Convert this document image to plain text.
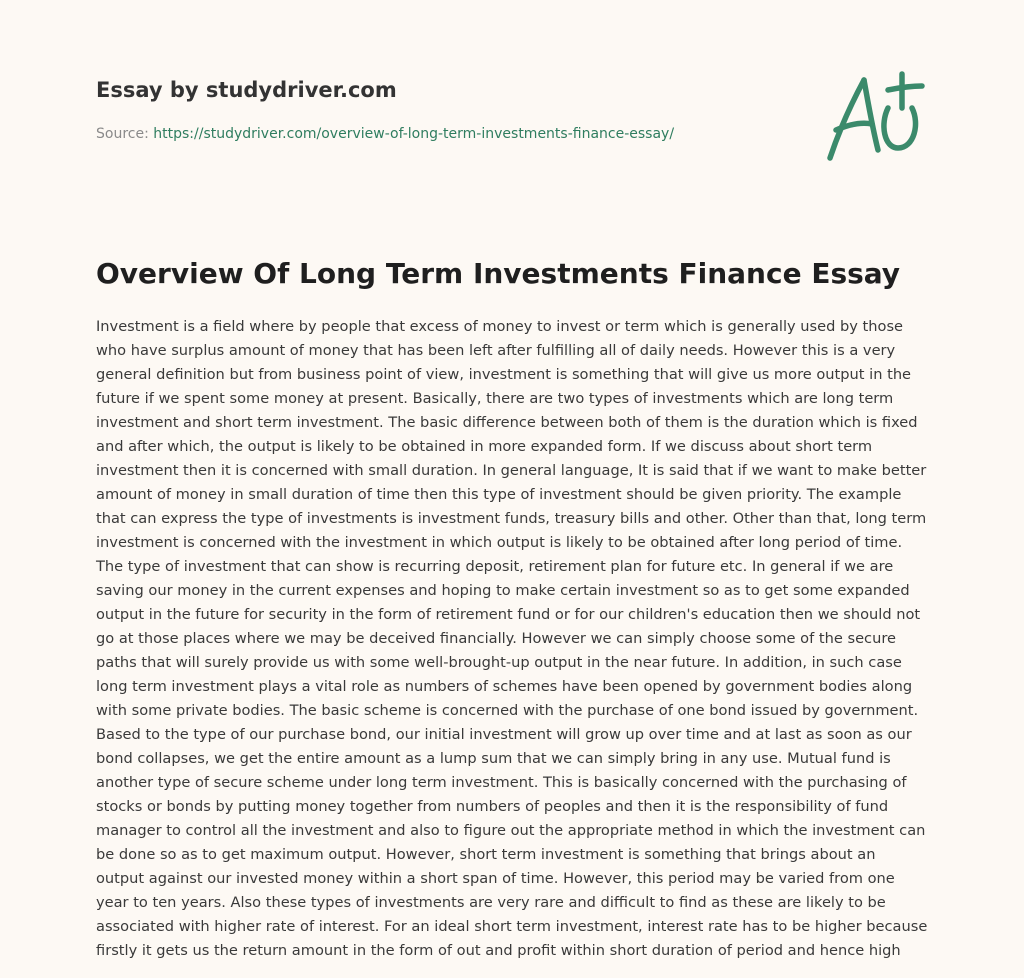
Essay by studydriver.com
Source: https://studydriver.com/overview-of-long-term-investments-finance-essay/
Overview Of Long Term Investments Finance Essay

Investment is a field where by people that excess of money to invest or term which is generally used by those who have surplus amount of money that has been left after fulfilling all of daily needs. However this is a very general definition but from business point of view, investment is something that will give us more output in the future if we spent some money at present. Basically, there are two types of investments which are long term investment and short term investment. The basic difference between both of them is the duration which is fixed and after which, the output is likely to be obtained in more expanded form. If we discuss about short term investment then it is concerned with small duration. In general language, It is said that if we want to make better amount of money in small duration of time then this type of investment should be given priority. The example that can express the type of investments is investment funds, treasury bills and other. Other than that, long term investment is concerned with the investment in which output is likely to be obtained after long period of time. The type of investment that can show is recurring deposit, retirement plan for future etc. In general if we are saving our money in the current expenses and hoping to make certain investment so as to get some expanded output in the future for security in the form of retirement fund or for our children's education then we should not go at those places where we may be deceived financially. However we can simply choose some of the secure paths that will surely provide us with some well-brought-up output in the near future. In addition, in such case long term investment plays a vital role as numbers of schemes have been opened by government bodies along with some private bodies. The basic scheme is concerned with the purchase of one bond issued by government. Based to the type of our purchase bond, our initial investment will grow up over time and at last as soon as our bond collapses, we get the entire amount as a lump sum that we can simply bring in any use. Mutual fund is another type of secure scheme under long term investment. This is basically concerned with the purchasing of stocks or bonds by putting money together from numbers of peoples and then it is the responsibility of fund manager to control all the investment and also to figure out the appropriate method in which the investment can be done so as to get maximum output. However, short term investment is something that brings about an output against our invested money within a short span of time. However, this period may be varied from one year to ten years. Also these types of investments are very rare and difficult to find as these are likely to be associated with higher rate of interest. For an ideal short term investment, interest rate has to be higher because firstly it gets us the return amount in the form of out and profit within short duration of period and hence high
